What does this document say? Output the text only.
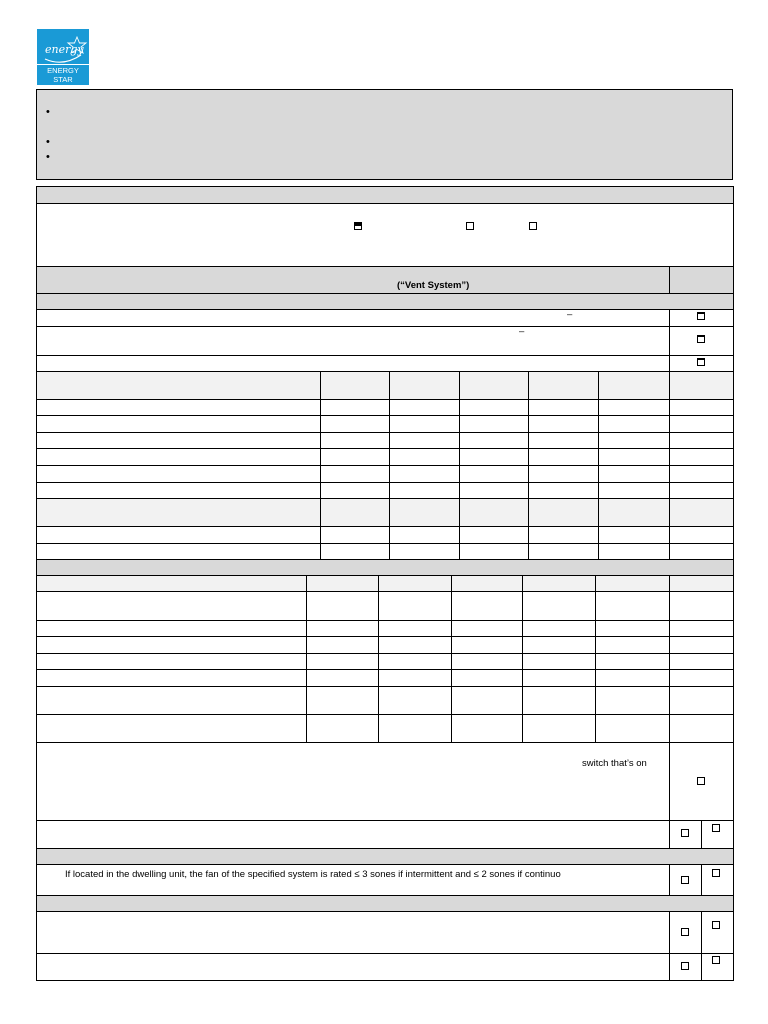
energy
ENERGY STAR
•
•
•
(“Vent System”)
–
–
switch that’s on
If located in the dwelling unit, the fan of the specified system is rated ≤ 3 sones if intermittent and ≤ 2 sones if continuo
